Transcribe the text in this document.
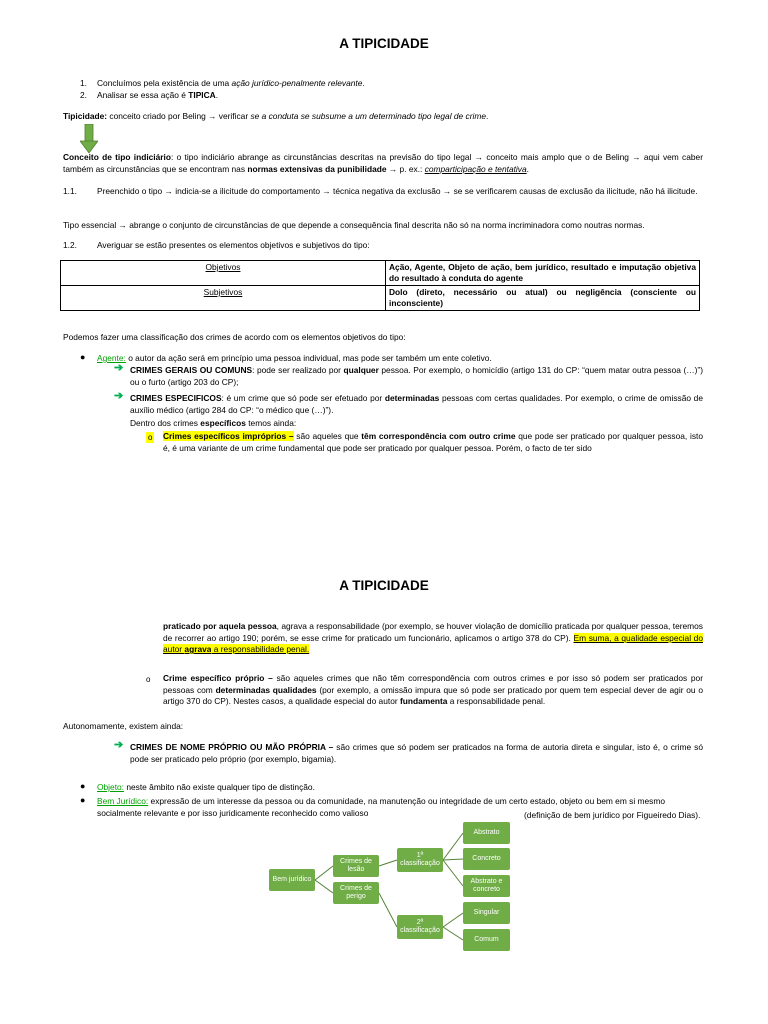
A TIPICIDADE
1. Concluímos pela existência de uma ação jurídico-penalmente relevante.
2. Analisar se essa ação é TIPICA.
Tipicidade: conceito criado por Beling → verificar se a conduta se subsume a um determinado tipo legal de crime.
Conceito de tipo indiciário: o tipo indiciário abrange as circunstâncias descritas na previsão do tipo legal → conceito mais amplo que o de Beling → aqui vem caber também as circunstâncias que se encontram nas normas extensivas da punibilidade → p. ex.: comparticipação e tentativa.
1.1. Preenchido o tipo → indicia-se a ilicitude do comportamento → técnica negativa da exclusão → se se verificarem causas de exclusão da ilicitude, não há ilicitude.
Tipo essencial → abrange o conjunto de circunstâncias de que depende a consequência final descrita não só na norma incriminadora como noutras normas.
1.2. Averiguar se estão presentes os elementos objetivos e subjetivos do tipo:
Objetivos	Ação, Agente, Objeto de ação, bem jurídico, resultado e imputação objetiva do resultado à conduta do agente
Subjetivos	Dolo (direto, necessário ou atual) ou negligência (consciente ou inconsciente)
Podemos fazer uma classificação dos crimes de acordo com os elementos objetivos do tipo:
● Agente: o autor da ação será em princípio uma pessoa individual, mas pode ser também um ente coletivo.
➔ CRIMES GERAIS OU COMUNS: pode ser realizado por qualquer pessoa. Por exemplo, o homicídio (artigo 131 do CP: “quem matar outra pessoa (…)”) ou o furto (artigo 203 do CP);
➔ CRIMES ESPECIFICOS: é um crime que só pode ser efetuado por determinadas pessoas com certas qualidades. Por exemplo, o crime de omissão de auxílio médico (artigo 284 do CP: “o médico que (…)”).
Dentro dos crimes específicos temos ainda:
o Crimes específicos impróprios – são aqueles que têm correspondência com outro crime que pode ser praticado por qualquer pessoa, isto é, é uma variante de um crime fundamental que pode ser praticado por qualquer pessoa. Porém, o facto de ter sido
A TIPICIDADE
praticado por aquela pessoa, agrava a responsabilidade (por exemplo, se houver violação de domicílio praticada por qualquer pessoa, teremos de recorrer ao artigo 190; porém, se esse crime for praticado um funcionário, aplicamos o artigo 378 do CP). Em suma, a qualidade especial do autor agrava a responsabilidade penal.
o Crime específico próprio – são aqueles crimes que não têm correspondência com outros crimes e por isso só podem ser praticados por pessoas com determinadas qualidades (por exemplo, a omissão impura que só pode ser praticado por quem tem especial dever de agir ou o artigo 370 do CP). Nestes casos, a qualidade especial do autor fundamenta a responsabilidade penal.
Autonomamente, existem ainda:
➔ CRIMES DE NOME PRÓPRIO OU MÃO PRÓPRIA – são crimes que só podem ser praticados na forma de autoria direta e singular, isto é, o crime só pode ser praticado pelo próprio (por exemplo, bigamia).
● Objeto: neste âmbito não existe qualquer tipo de distinção.
● Bem Jurídico: expressão de um interesse da pessoa ou da comunidade, na manutenção ou integridade de um certo estado, objeto ou bem em si mesmo socialmente relevante e por isso juridicamente reconhecido como valioso	(definição de bem jurídico por Figueiredo Dias).
Bem jurídico
Crimes de lesão
Crimes de perigo
1ª classificação
2ª classificação
Abstrato
Concreto
Abstrato e concreto
Singular
Comum
